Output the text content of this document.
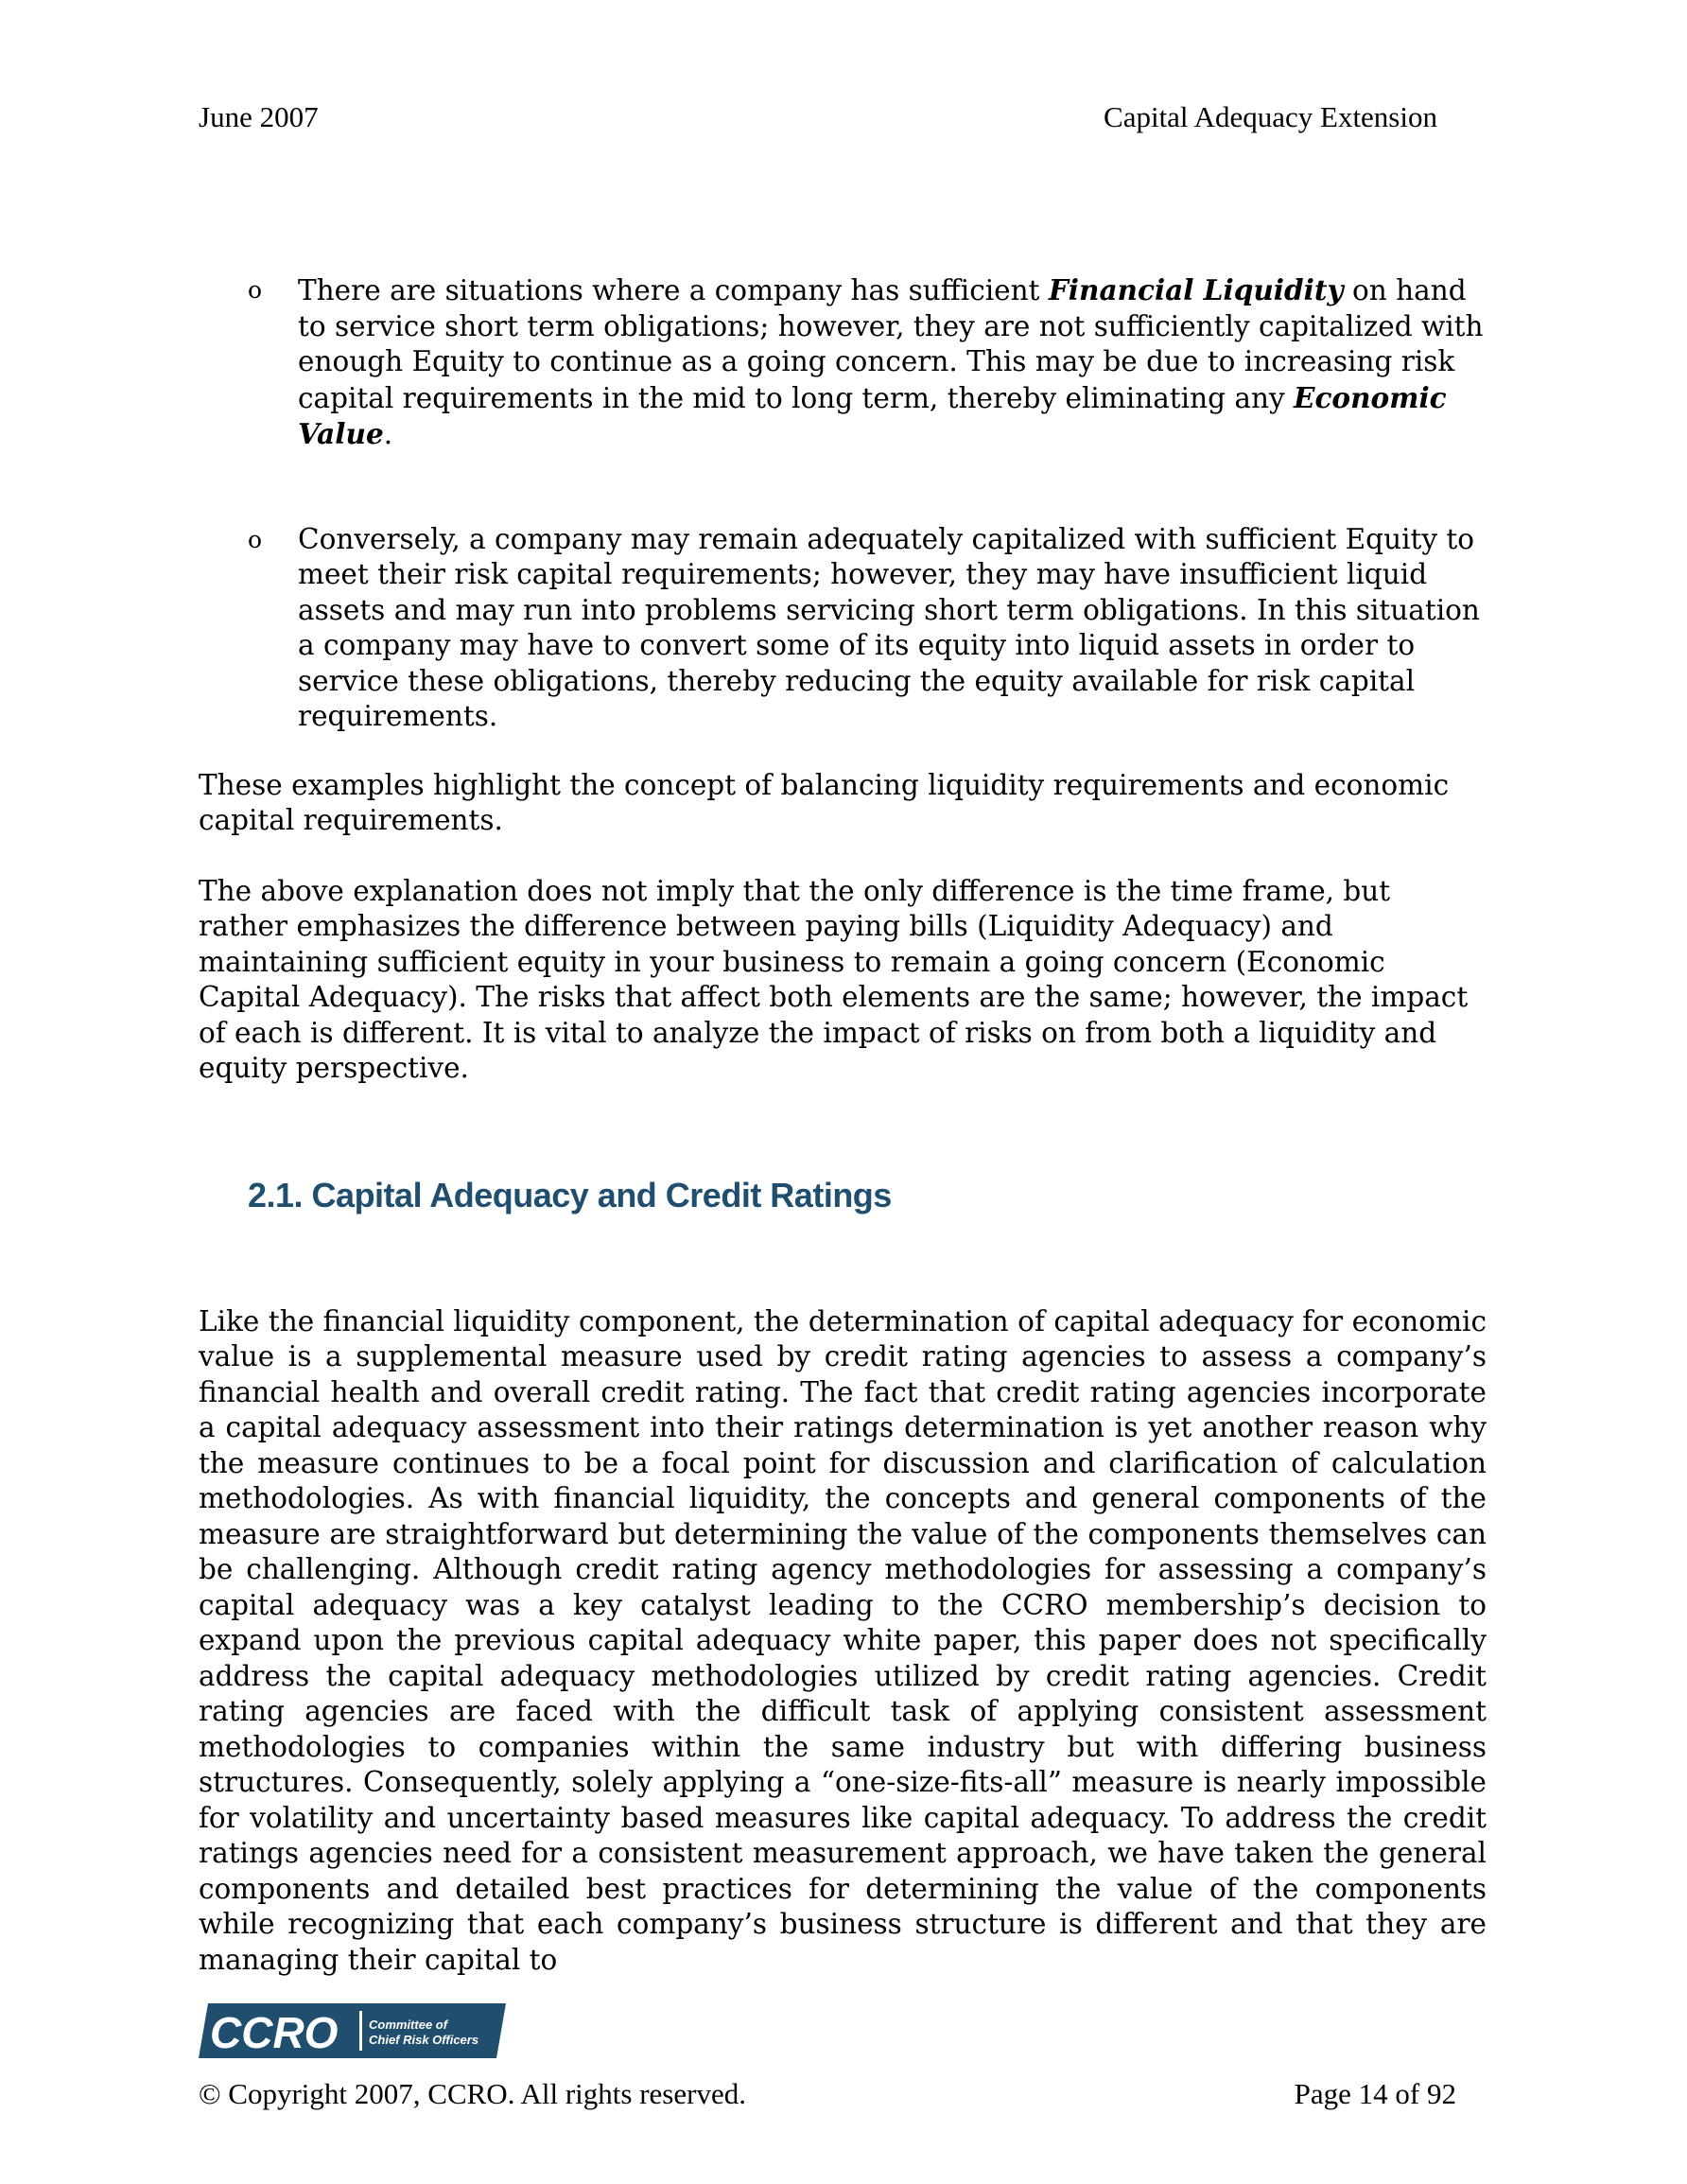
June 2007	Capital Adequacy Extension

o There are situations where a company has sufficient Financial Liquidity on hand to service short term obligations; however, they are not sufficiently capitalized with enough Equity to continue as a going concern. This may be due to increasing risk capital requirements in the mid to long term, thereby eliminating any Economic Value.

o Conversely, a company may remain adequately capitalized with sufficient Equity to meet their risk capital requirements; however, they may have insufficient liquid assets and may run into problems servicing short term obligations. In this situation a company may have to convert some of its equity into liquid assets in order to service these obligations, thereby reducing the equity available for risk capital requirements.

These examples highlight the concept of balancing liquidity requirements and economic capital requirements.

The above explanation does not imply that the only difference is the time frame, but rather emphasizes the difference between paying bills (Liquidity Adequacy) and maintaining sufficient equity in your business to remain a going concern (Economic Capital Adequacy). The risks that affect both elements are the same; however, the impact of each is different. It is vital to analyze the impact of risks on from both a liquidity and equity perspective.

2.1. Capital Adequacy and Credit Ratings

Like the financial liquidity component, the determination of capital adequacy for economic value is a supplemental measure used by credit rating agencies to assess a company’s financial health and overall credit rating. The fact that credit rating agencies incorporate a capital adequacy assessment into their ratings determination is yet another reason why the measure continues to be a focal point for discussion and clarification of calculation methodologies. As with financial liquidity, the concepts and general components of the measure are straightforward but determining the value of the components themselves can be challenging. Although credit rating agency methodologies for assessing a company’s capital adequacy was a key catalyst leading to the CCRO membership’s decision to expand upon the previous capital adequacy white paper, this paper does not specifically address the capital adequacy methodologies utilized by credit rating agencies. Credit rating agencies are faced with the difficult task of applying consistent assessment methodologies to companies within the same industry but with differing business structures. Consequently, solely applying a “one-size-fits-all” measure is nearly impossible for volatility and uncertainty based measures like capital adequacy. To address the credit ratings agencies need for a consistent measurement approach, we have taken the general components and detailed best practices for determining the value of the components while recognizing that each company’s business structure is different and that they are managing their capital to

CCRO	Committee of
Chief Risk Officers
© Copyright 2007, CCRO. All rights reserved.	Page 14 of 92
